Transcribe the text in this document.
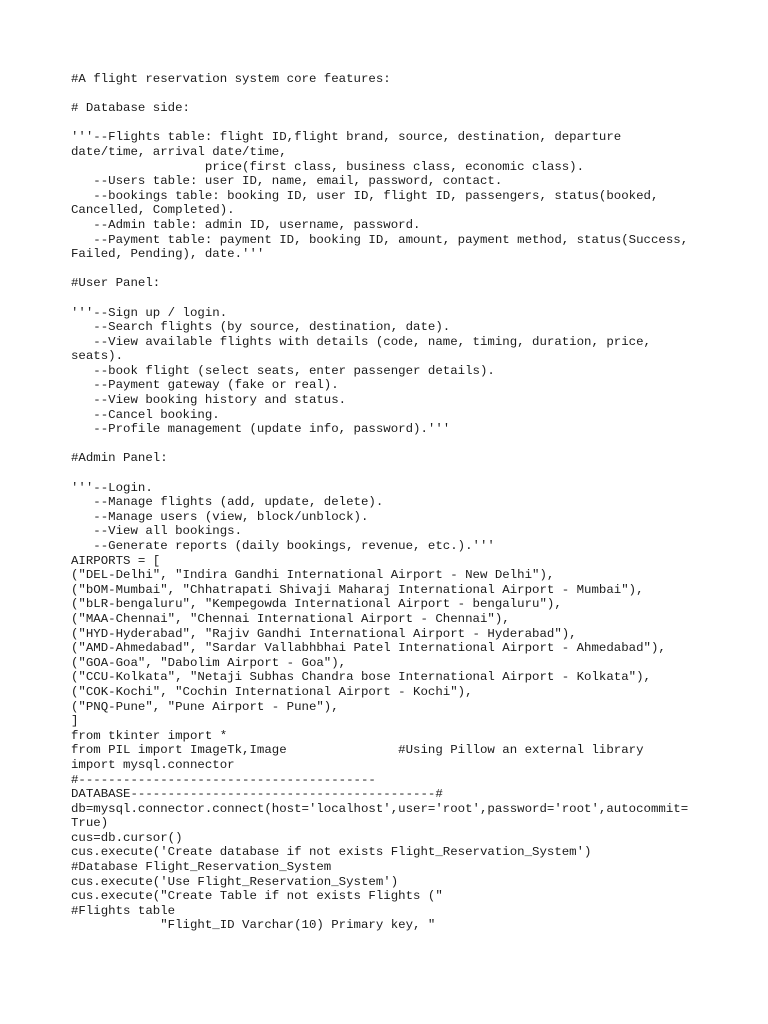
#A flight reservation system core features:
# Database side:
'''--Flights table: flight ID,flight brand, source, destination, departure
date/time, arrival date/time,
price(first class, business class, economic class).
--Users table: user ID, name, email, password, contact.
--bookings table: booking ID, user ID, flight ID, passengers, status(booked,
Cancelled, Completed).
--Admin table: admin ID, username, password.
--Payment table: payment ID, booking ID, amount, payment method, status(Success,
Failed, Pending), date.'''
#User Panel:
'''--Sign up / login.
--Search flights (by source, destination, date).
--View available flights with details (code, name, timing, duration, price,
seats).
--book flight (select seats, enter passenger details).
--Payment gateway (fake or real).
--View booking history and status.
--Cancel booking.
--Profile management (update info, password).'''
#Admin Panel:
'''--Login.
--Manage flights (add, update, delete).
--Manage users (view, block/unblock).
--View all bookings.
--Generate reports (daily bookings, revenue, etc.).'''
AIRPORTS = [
("DEL-Delhi", "Indira Gandhi International Airport - New Delhi"),
("bOM-Mumbai", "Chhatrapati Shivaji Maharaj International Airport - Mumbai"),
("bLR-bengaluru", "Kempegowda International Airport - bengaluru"),
("MAA-Chennai", "Chennai International Airport - Chennai"),
("HYD-Hyderabad", "Rajiv Gandhi International Airport - Hyderabad"),
("AMD-Ahmedabad", "Sardar Vallabhbhai Patel International Airport - Ahmedabad"),
("GOA-Goa", "Dabolim Airport - Goa"),
("CCU-Kolkata", "Netaji Subhas Chandra bose International Airport - Kolkata"),
("COK-Kochi", "Cochin International Airport - Kochi"),
("PNQ-Pune", "Pune Airport - Pune"),
]
from tkinter import *
from PIL import ImageTk,Image               #Using Pillow an external library
import mysql.connector
#----------------------------------------
DATABASE-----------------------------------------#
db=mysql.connector.connect(host='localhost',user='root',password='root',autocommit=
True)
cus=db.cursor()
cus.execute('Create database if not exists Flight_Reservation_System')
#Database Flight_Reservation_System
cus.execute('Use Flight_Reservation_System')
cus.execute("Create Table if not exists Flights ("
#Flights table
"Flight_ID Varchar(10) Primary key, "
